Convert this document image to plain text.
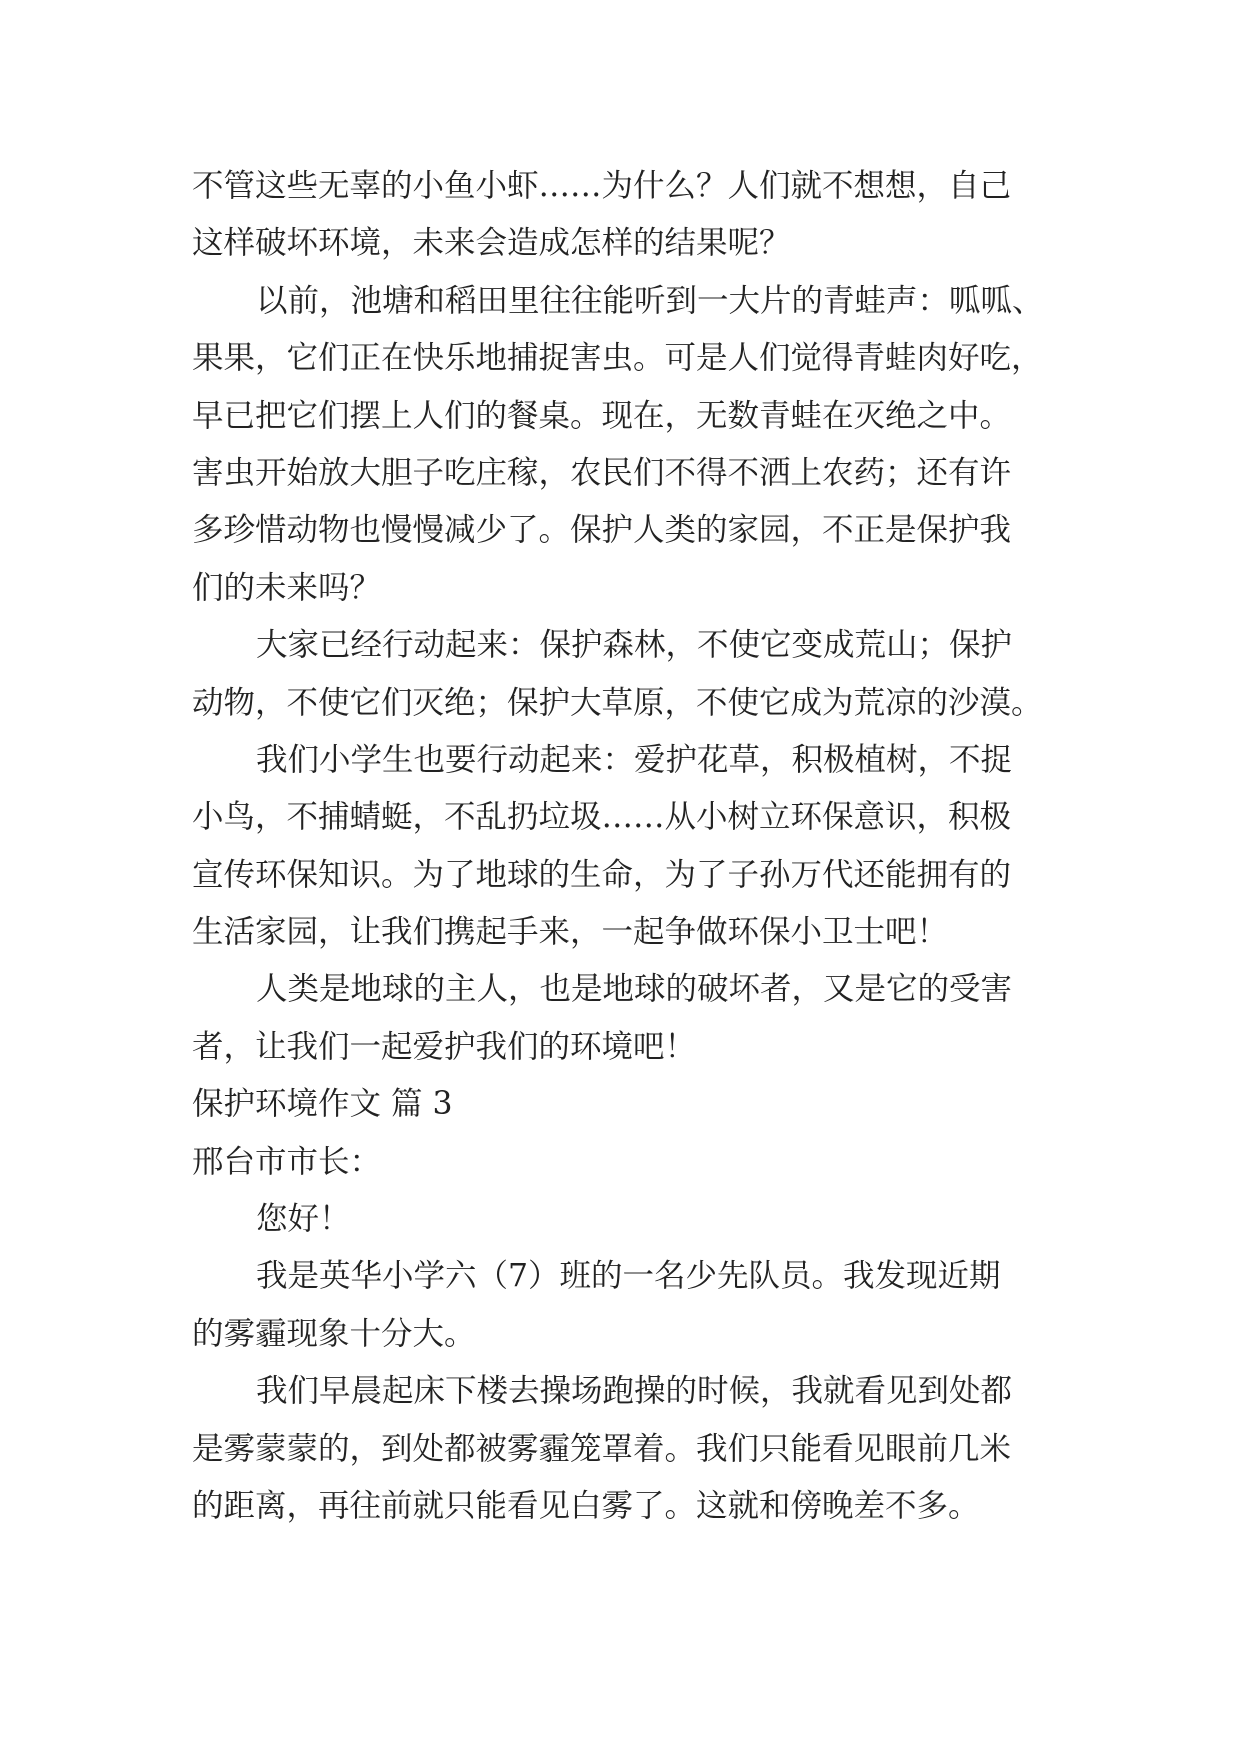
不管这些无辜的小鱼小虾……为什么？人们就不想想，自己
这样破坏环境，未来会造成怎样的结果呢？
以前，池塘和稻田里往往能听到一大片的青蛙声：呱呱、
果果，它们正在快乐地捕捉害虫。可是人们觉得青蛙肉好吃，
早已把它们摆上人们的餐桌。现在，无数青蛙在灭绝之中。
害虫开始放大胆子吃庄稼，农民们不得不洒上农药；还有许
多珍惜动物也慢慢减少了。保护人类的家园，不正是保护我
们的未来吗？
大家已经行动起来：保护森林，不使它变成荒山；保护
动物，不使它们灭绝；保护大草原，不使它成为荒凉的沙漠。
我们小学生也要行动起来：爱护花草，积极植树，不捉
小鸟，不捕蜻蜓，不乱扔垃圾……从小树立环保意识，积极
宣传环保知识。为了地球的生命，为了子孙万代还能拥有的
生活家园，让我们携起手来，一起争做环保小卫士吧！
人类是地球的主人，也是地球的破坏者，又是它的受害
者，让我们一起爱护我们的环境吧！
保护环境作文 篇 3
邢台市市长：
您好！
我是英华小学六（7）班的一名少先队员。我发现近期
的雾霾现象十分大。
我们早晨起床下楼去操场跑操的时候，我就看见到处都
是雾蒙蒙的，到处都被雾霾笼罩着。我们只能看见眼前几米
的距离，再往前就只能看见白雾了。这就和傍晚差不多。
